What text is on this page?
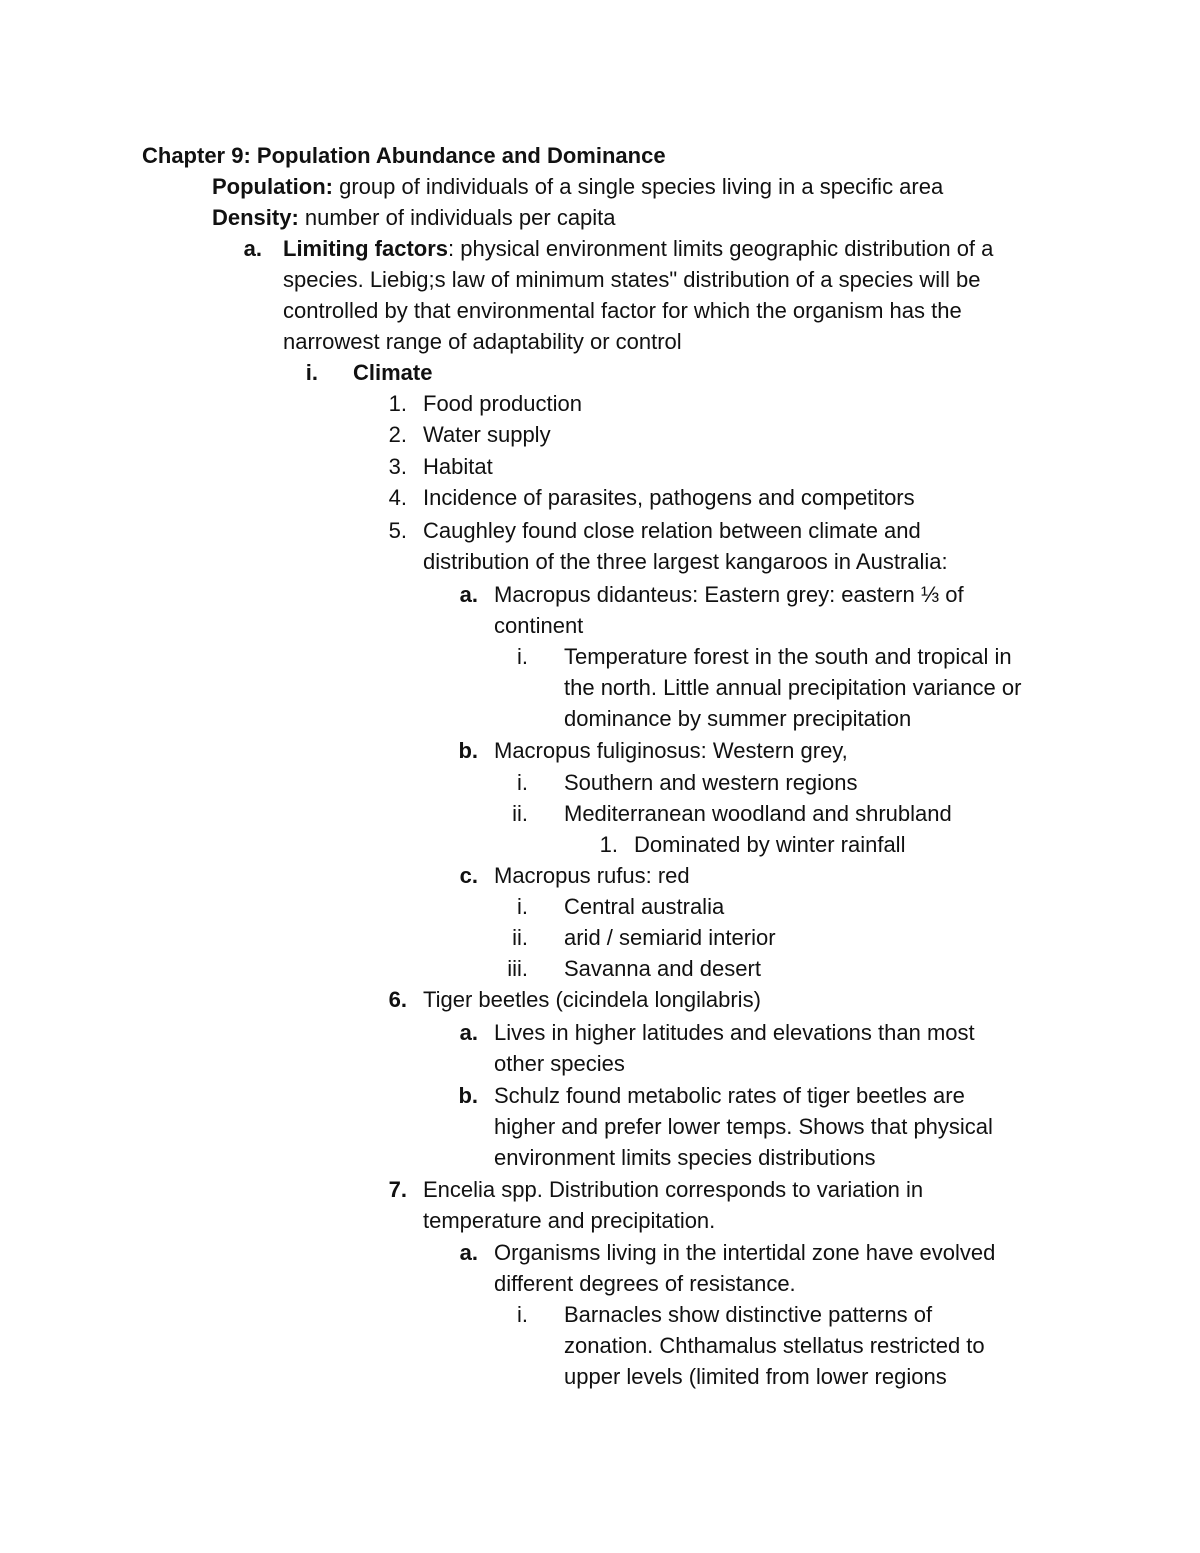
Chapter 9: Population Abundance and Dominance
Population: group of individuals of a single species living in a specific area
Density: number of individuals per capita
a. Limiting factors: physical environment limits geographic distribution of a
species. Liebig;s law of minimum states" distribution of a species will be
controlled by that environmental factor for which the organism has the
narrowest range of adaptability or control
i. Climate
1. Food production
2. Water supply
3. Habitat
4. Incidence of parasites, pathogens and competitors
5. Caughley found close relation between climate and
distribution of the three largest kangaroos in Australia:
a. Macropus didanteus: Eastern grey: eastern ⅓ of
continent
i. Temperature forest in the south and tropical in
the north. Little annual precipitation variance or
dominance by summer precipitation
b. Macropus fuliginosus: Western grey,
i. Southern and western regions
ii. Mediterranean woodland and shrubland
1. Dominated by winter rainfall
c. Macropus rufus: red
i. Central australia
ii. arid / semiarid interior
iii. Savanna and desert
6. Tiger beetles (cicindela longilabris)
a. Lives in higher latitudes and elevations than most
other species
b. Schulz found metabolic rates of tiger beetles are
higher and prefer lower temps. Shows that physical
environment limits species distributions
7. Encelia spp. Distribution corresponds to variation in
temperature and precipitation.
a. Organisms living in the intertidal zone have evolved
different degrees of resistance.
i. Barnacles show distinctive patterns of
zonation. Chthamalus stellatus restricted to
upper levels (limited from lower regions
